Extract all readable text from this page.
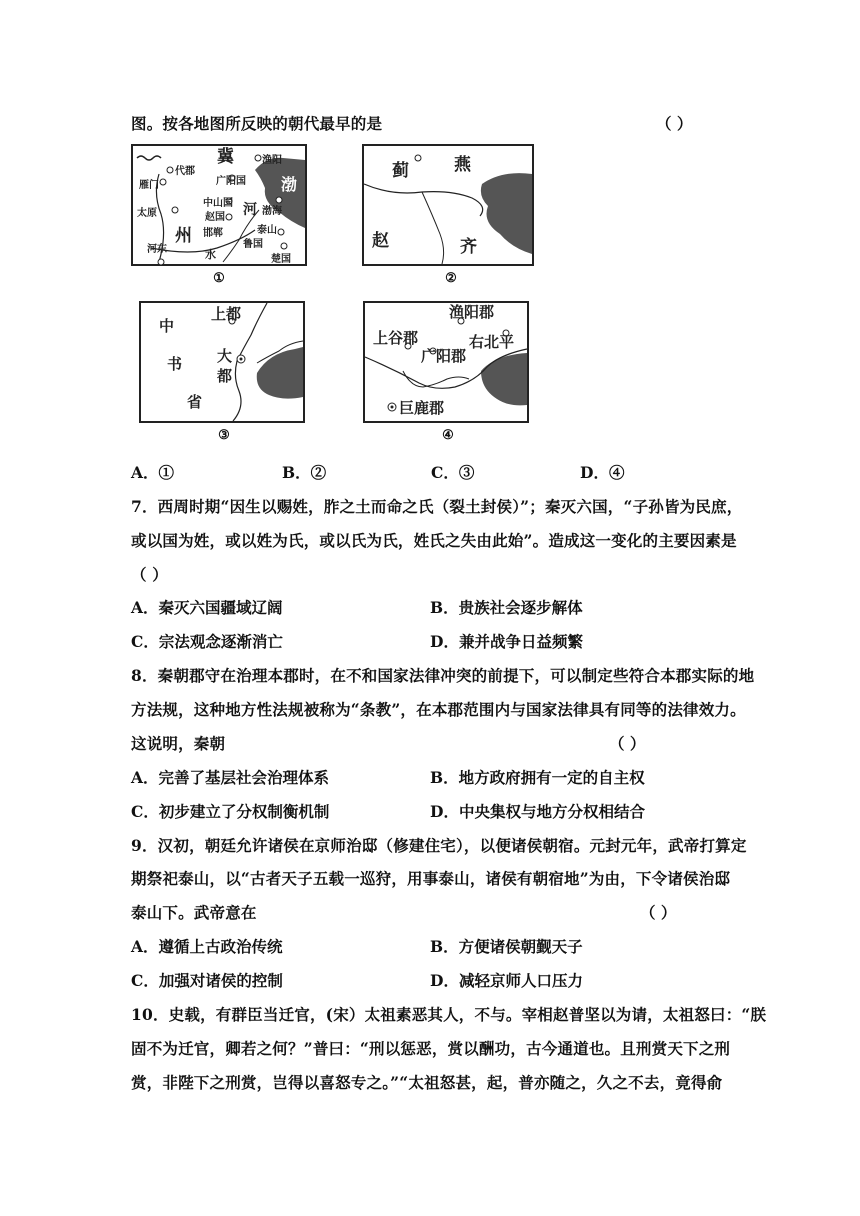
图。按各地图所反映的朝代最早的是	（ ）
冀	渔阳
代郡
广阳国 渤
雁门
中山国 河 渤海
太原	赵国
泰山
州 邯郸
鲁国
河东	水	楚国
①
蓟	燕
赵	齐
②
上都
中
书 大
都
省
③
渔阳郡
上谷郡	右北平
广阳郡
巨鹿郡
④
A．①	B．②	C．③	D．④
7．西周时期“因生以赐姓，胙之土而命之氏（裂土封侯）”；秦灭六国，“子孙皆为民庶，
或以国为姓，或以姓为氏，或以氏为氏，姓氏之失由此始”。造成这一变化的主要因素是
（ ）
A．秦灭六国疆域辽阔	B．贵族社会逐步解体
C．宗法观念逐渐消亡	D．兼并战争日益频繁
8．秦朝郡守在治理本郡时，在不和国家法律冲突的前提下，可以制定些符合本郡实际的地
方法规，这种地方性法规被称为“条教”，在本郡范围内与国家法律具有同等的法律效力。
这说明，秦朝	（ ）
A．完善了基层社会治理体系	B．地方政府拥有一定的自主权
C．初步建立了分权制衡机制	D．中央集权与地方分权相结合
9．汉初，朝廷允许诸侯在京师治邸（修建住宅），以便诸侯朝宿。元封元年，武帝打算定
期祭祀泰山，以“古者天子五载一巡狩，用事泰山，诸侯有朝宿地”为由，下令诸侯治邸
泰山下。武帝意在	（ ）
A．遵循上古政治传统	B．方便诸侯朝觐天子
C．加强对诸侯的控制	D．减轻京师人口压力
10．史载，有群臣当迁官，(宋）太祖素恶其人，不与。宰相赵普坚以为请，太祖怒曰：“朕
固不为迁官，卿若之何？”普曰：“刑以惩恶，赏以酬功，古今通道也。且刑赏天下之刑
赏，非陛下之刑赏，岂得以喜怒专之。”“太祖怒甚，起，普亦随之，久之不去，竟得俞
